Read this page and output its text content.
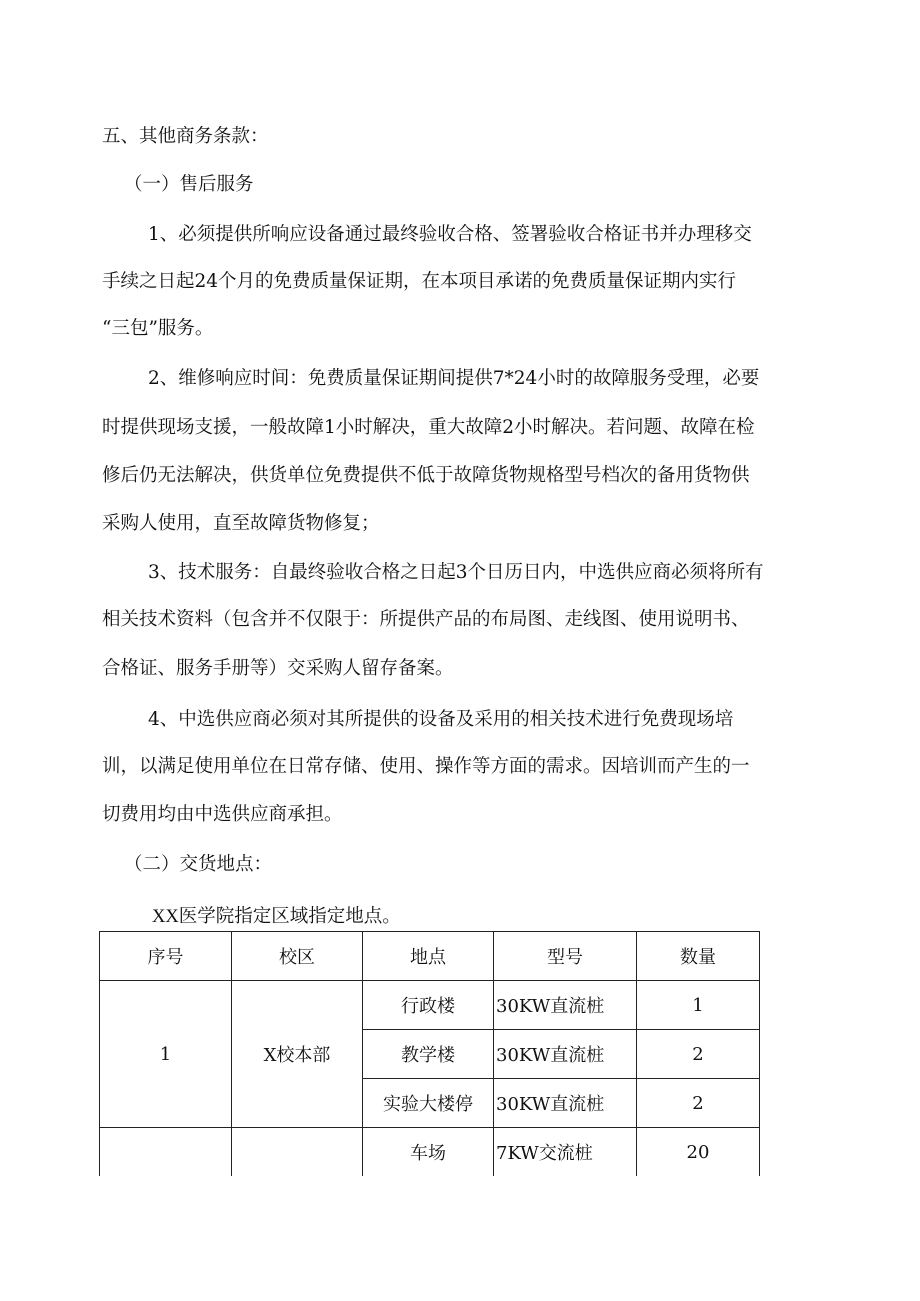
五、其他商务条款：
（一）售后服务
1、必须提供所响应设备通过最终验收合格、签署验收合格证书并办理移交
手续之日起24个月的免费质量保证期，在本项目承诺的免费质量保证期内实行
“三包”服务。
2、维修响应时间：免费质量保证期间提供7*24小时的故障服务受理，必要
时提供现场支援，一般故障1小时解决，重大故障2小时解决。若问题、故障在检
修后仍无法解决，供货单位免费提供不低于故障货物规格型号档次的备用货物供
采购人使用，直至故障货物修复；
3、技术服务：自最终验收合格之日起3个日历日内，中选供应商必须将所有
相关技术资料（包含并不仅限于：所提供产品的布局图、走线图、使用说明书、
合格证、服务手册等）交采购人留存备案。
4、中选供应商必须对其所提供的设备及采用的相关技术进行免费现场培
训，以满足使用单位在日常存储、使用、操作等方面的需求。因培训而产生的一
切费用均由中选供应商承担。
（二）交货地点：
XX医学院指定区域指定地点。
序号	校区	地点	型号	数量
1	X校本部	行政楼	30KW直流桩	1
		教学楼	30KW直流桩	2
		实验大楼停	30KW直流桩	2
		车场	7KW交流桩	20
